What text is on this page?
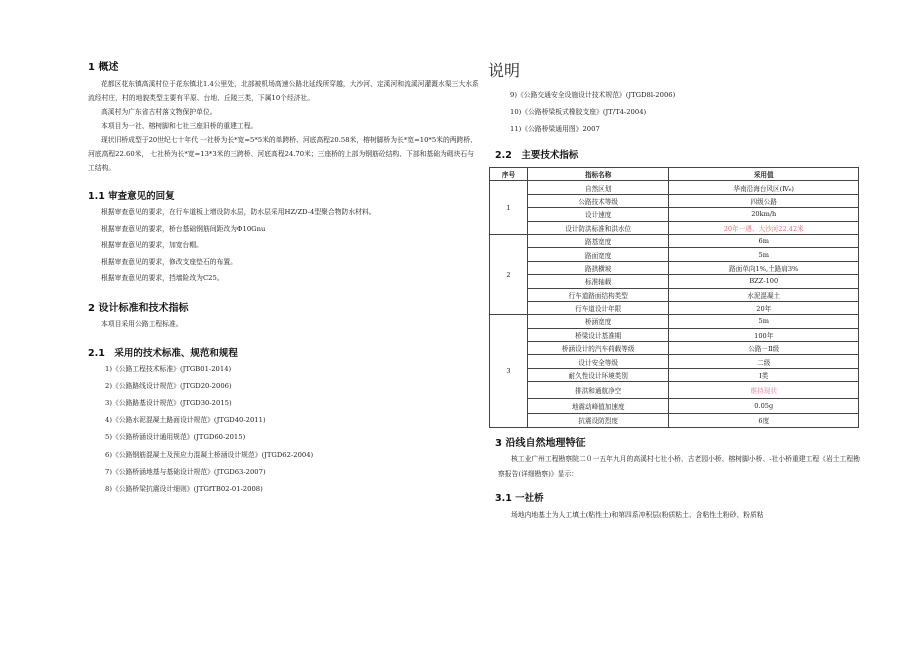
1 概述

花都区花东镇高溪村位于花东镇北1.4公里处，北部被机场高速公路北延线所穿越，大沙河、定溪河和流溪河灌溉水渠三大水系流经村庄，村的地貌类型主要有平原、台地、丘陵三类，下属10个经济社。

高溪村为广东省古村落文物保护单位。

本项目为一社、榕树脚和七社三座旧桥的重建工程。

现状旧桥成型于20世纪七十年代 一社桥为长*宽=5*5米的单跨桥、河底高程20.58米，榕树脚桥为长*宽=10*5米的两跨桥、河底高程22.60米， 七社桥为长*宽=13*3米的三跨桥、河底高程24.70米；三座桥的上部为钢筋砼结构、下部和基础为砌块石与工结构。

1.1 审查意见的回复

根据审查意见的要求，在行车道板上增设防水层，防水层采用HZ/ZD-4型聚合物防水材料。

根据审查意见的要求，桥台基础钢筋间距改为Φ10Gnu

根据审查意见的要求，加宽台帽。

根据审查意见的要求，修改支座垫石的布置。

根据审查意见的要求，挡墙险改为C25。

2 设计标准和技术指标

本项目采用公路工程标准。

2.1　采用的技术标准、规范和规程

1)《公路工程技术标准》(JTGB01-2014)

2)《公路路线设计规范》(JTGD20-2006)

3)《公路路基设计规范》(JTGD30-2015)

4)《公路水泥混凝土路面设计规范》(JTGD40-2011)

5)《公路桥涵设计通用规范》(JTGD60-2015)

6)《公路钢筋混凝土及预应力混凝土桥涵设计规范》(JTGD62-2004)

7)《公路桥涵地基与基础设计规范》(JTGD63-2007)

8)《公路桥梁抗震设计细则》(JTGfTB02-01-2008)

说明

9)《公路交通安全设施设计技术规范》(JTGD8l-2006)

10)《公路桥梁板式橡胶支座》(JT/T4-2004)

11)《公路桥梁通用图》2007

2.2　主要技术指标
序号	指标名称	采用值
1	自然区划	华南沿海台风区(Ⅳ₆)
	公路技术等级	四级公路
	设计速度	20km/h
	设计防洪标准和洪水位	20年一遇、大沙河22.42米
2	路基宽度	6m
	路面宽度	5m
	路拱横坡	路面单向1%,土路肩3%
	标准轴载	BZZ-100
	行车道路面结构类型	水泥混凝土
	行车道设计年限	20年
3	桥涵宽度	5m
	桥梁设计基准期	100年
	桥涵设计的汽车荷载等级	公路－Ⅱ级
	设计安全等级	二级
	耐久性设计环境类别	Ⅰ类
	排洪和通航净空	维持现状
	地震动峰值加速度	0.05g
	抗震设防烈度	6度
3 沿线自然地理特征

核工业广州工程勘察院二０一五年九月的高溪村七社小桥、古老园小桥、榕树脚小桥、-社小桥重建工程《岩土工程勘察报告(详细勘察)》显示：

3.1 一社桥

场地内地基土为人工填土(粘性土)和第四系冲积层(粉质粘土、含粘性土粉砂、粉质粘
